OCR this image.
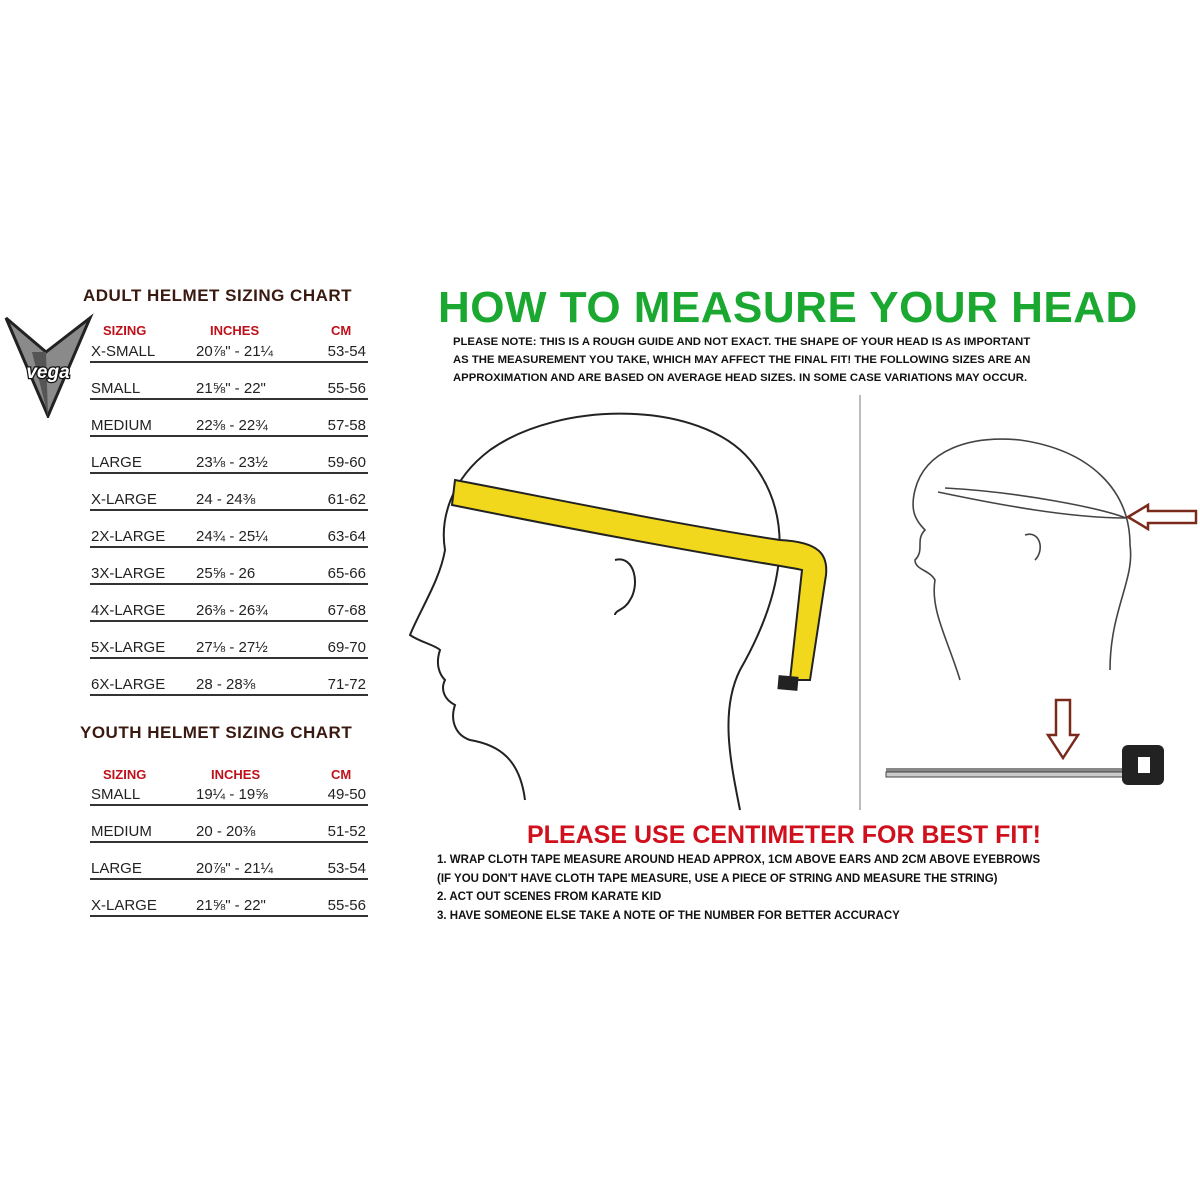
vega
ADULT HELMET SIZING CHART
SIZING	INCHES	CM
X-SMALL	20⅞" - 21¼	53-54
SMALL	21⅝" - 22"	55-56
MEDIUM	22⅜ - 22¾	57-58
LARGE	23⅛ - 23½	59-60
X-LARGE	24 - 24⅜	61-62
2X-LARGE 24¾ - 25¼	63-64
3X-LARGE 25⅝ - 26	65-66
4X-LARGE 26⅜ - 26¾	67-68
5X-LARGE 27⅛ - 27½	69-70
6X-LARGE 28 - 28⅜	71-72
YOUTH HELMET SIZING CHART
SIZING	INCHES	CM
SMALL	19¼ - 19⅝	49-50
MEDIUM	20 - 20⅜	51-52
LARGE	20⅞" - 21¼	53-54
X-LARGE	21⅝" - 22"	55-56
HOW TO MEASURE YOUR HEAD
PLEASE NOTE: THIS IS A ROUGH GUIDE AND NOT EXACT. THE SHAPE OF YOUR HEAD IS AS IMPORTANT
AS THE MEASUREMENT YOU TAKE, WHICH MAY AFFECT THE FINAL FIT! THE FOLLOWING SIZES ARE AN
APPROXIMATION AND ARE BASED ON AVERAGE HEAD SIZES. IN SOME CASE VARIATIONS MAY OCCUR.
PLEASE USE CENTIMETER FOR BEST FIT!
1. WRAP CLOTH TAPE MEASURE AROUND HEAD APPROX, 1CM ABOVE EARS AND 2CM ABOVE EYEBROWS
(IF YOU DON'T HAVE CLOTH TAPE MEASURE, USE A PIECE OF STRING AND MEASURE THE STRING)
2. ACT OUT SCENES FROM KARATE KID
3. HAVE SOMEONE ELSE TAKE A NOTE OF THE NUMBER FOR BETTER ACCURACY
